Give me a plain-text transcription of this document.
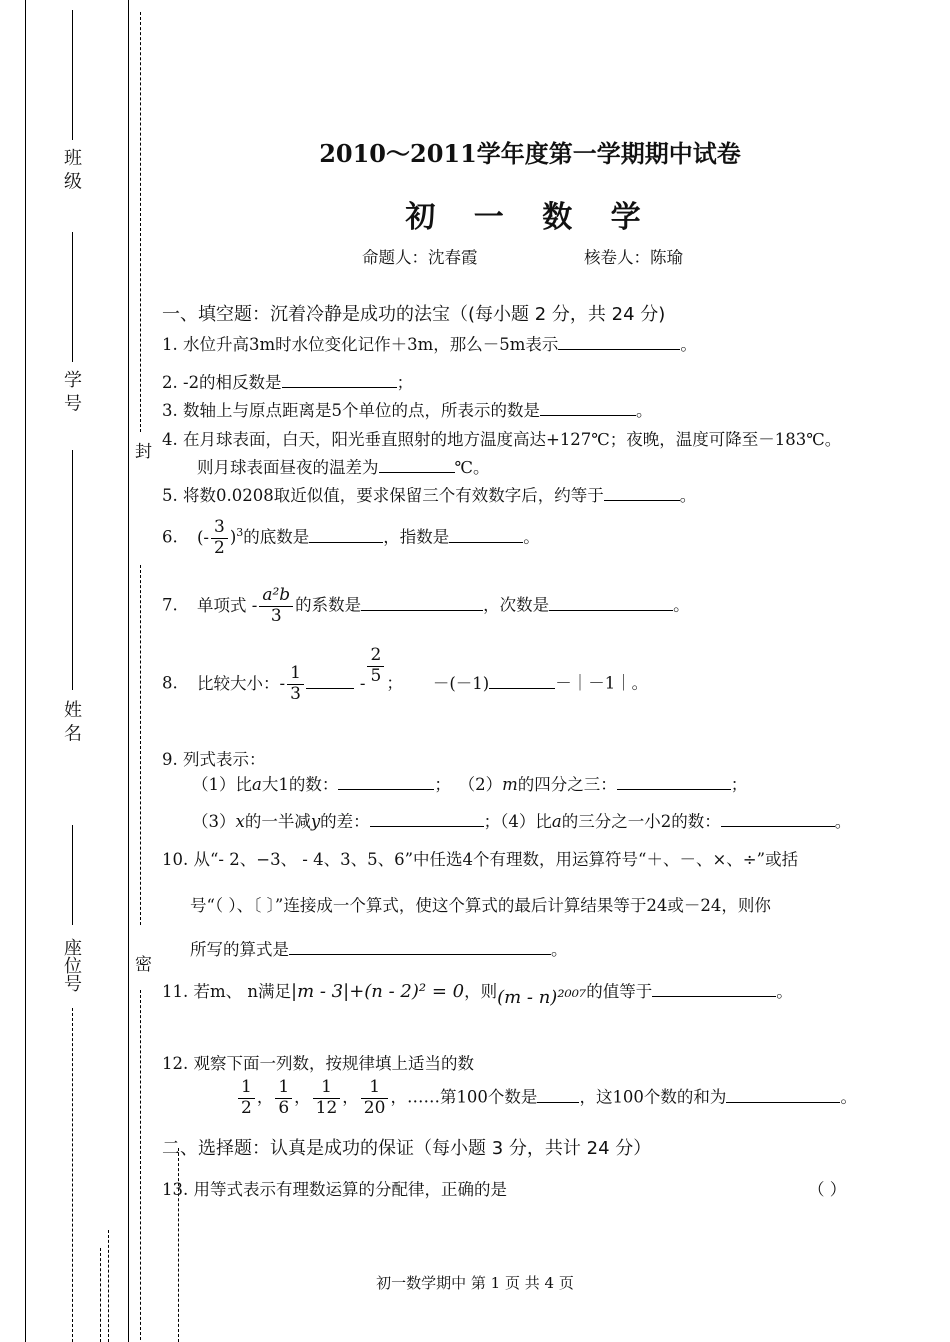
班 级
学 号
姓 名
座位号
封
密
2010～2011学年度第一学期期中试卷
初 一 数 学
命题人：沈春霞	核卷人：陈瑜
一、填空题：沉着冷静是成功的法宝（(每小题 2 分，共 24 分)
1. 水位升高3m时水位变化记作＋3m，那么－5m表示	。
2. -2的相反数是	；
3. 数轴上与原点距离是5个单位的点，所表示的数是	。
4. 在月球表面，白天，阳光垂直照射的地方温度高达+127℃；夜晚，温度可降至－183℃。
则月球表面昼夜的温差为	℃。
5. 将数0.0208取近似值，要求保留三个有效数字后，约等于	。
6. (- $\frac{3}{2} )^3$的底数是	，指数是	。
7. 单项式 - $\frac{\text{a²b}}{3}$ 的系数是	，次数是	。
8. 比较大小：- $\frac{1}{3}$	- $\frac{2}{5}$ ； －(－1)	－｜－1｜。
9. 列式表示：
（1）比a大1的数：	； （2）m的四分之三：	；
（3）x的一半减y的差：	；（4）比a的三分之一小2的数：	。
10. 从“- 2、−3、 - 4、3、5、6”中任选4个有理数，用运算符号“＋、－、×、÷”或括
号“（ ）、〔 〕”连接成一个算式，使这个算式的最后计算结果等于24或－24，则你
所写的算式是	。
11. 若m、 n满足|m - 3|+(n - 2)² = 0，则(m - n)²⁰⁰⁷的值等于	。
12. 观察下面一列数，按规律填上适当的数
$\frac{1}{2}$ ， $\frac{1}{6}$ ， $\frac{1}{12}$ ， $\frac{1}{20}$ ，……第100个数是	，这100个数的和为	。
二、选择题：认真是成功的保证（每小题 3 分，共计 24 分）
13. 用等式表示有理数运算的分配律，正确的是	（ ）
初一数学期中 第 1 页 共 4 页
